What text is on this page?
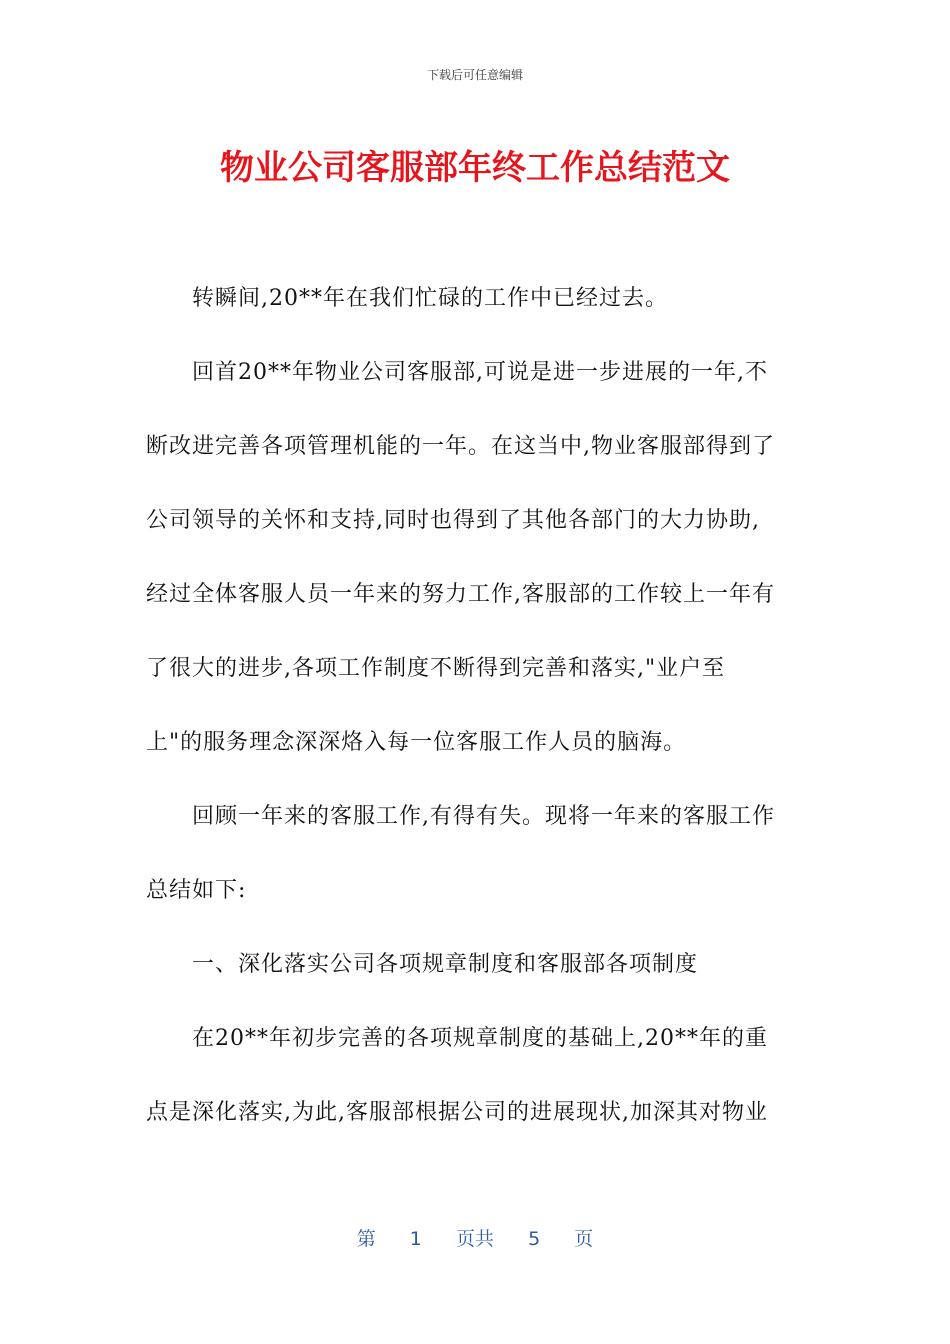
下载后可任意编辑
物业公司客服部年终工作总结范文

　　转瞬间,20**年在我们忙碌的工作中已经过去。

　　回首20**年物业公司客服部,可说是进一步进展的一年,不

断改进完善各项管理机能的一年。在这当中,物业客服部得到了

公司领导的关怀和支持,同时也得到了其他各部门的大力协助,

经过全体客服人员一年来的努力工作,客服部的工作较上一年有

了很大的进步,各项工作制度不断得到完善和落实,"业户至

上"的服务理念深深烙入每一位客服工作人员的脑海。

　　回顾一年来的客服工作,有得有失。现将一年来的客服工作

总结如下:

　　一、深化落实公司各项规章制度和客服部各项制度

　　在20**年初步完善的各项规章制度的基础上,20**年的重

点是深化落实,为此,客服部根据公司的进展现状,加深其对物业

第 1 页共 5 页
